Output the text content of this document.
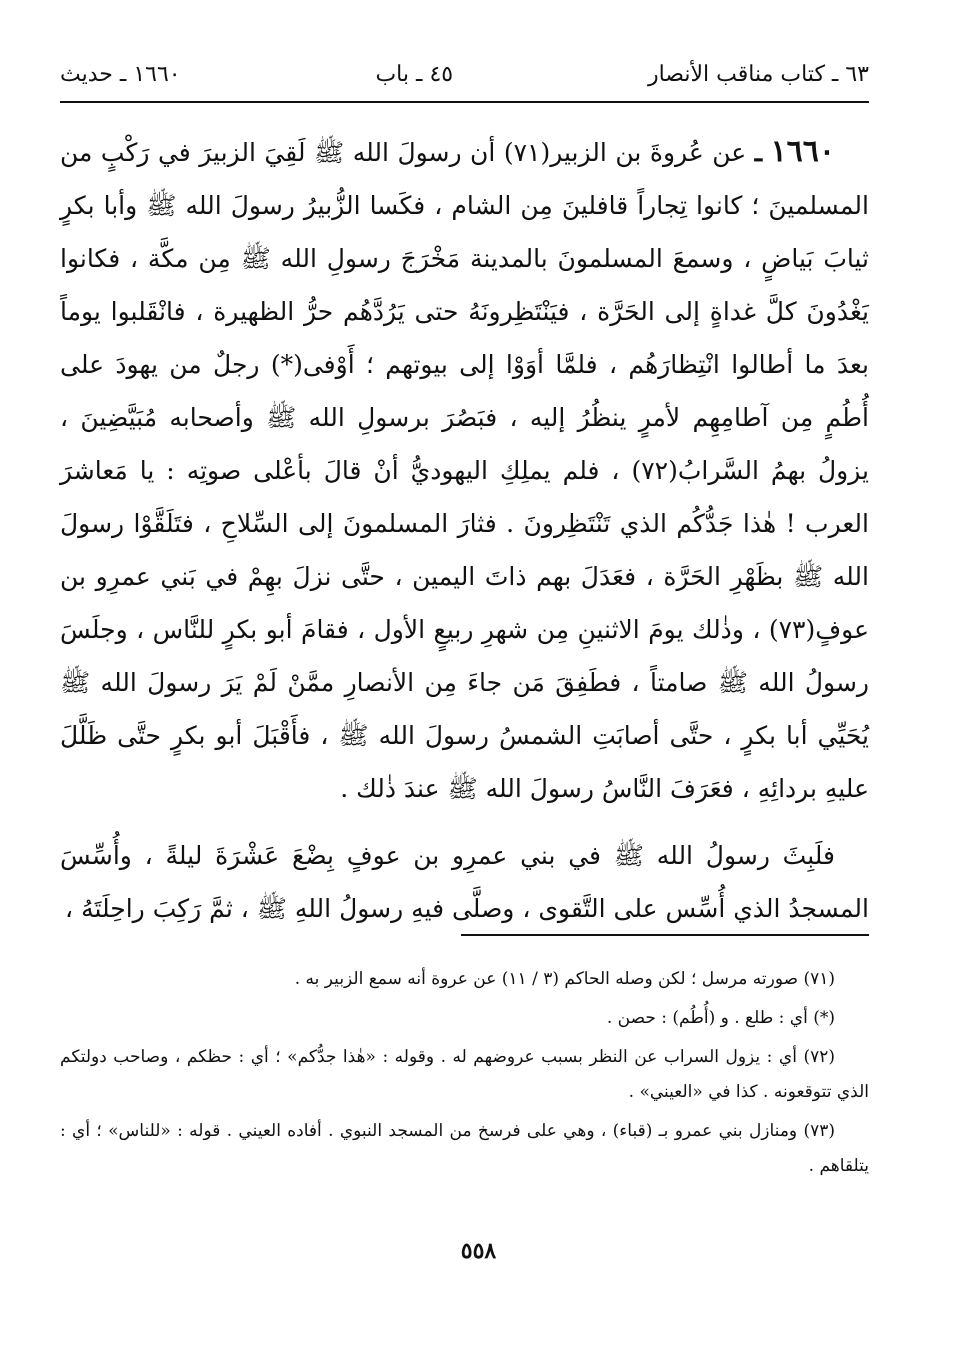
٦٣ ـ كتاب مناقب الأنصار
٤٥ ـ باب
١٦٦٠ ـ حديث

١٦٦٠ ـ عن عُروةَ بن الزبير(٧١) أن رسولَ الله ﷺ لَقِيَ الزبيرَ في رَكْبٍ من المسلمينَ ؛ كانوا تِجاراً قافلينَ مِن الشام ، فكَسا الزُّبيرُ رسولَ الله ﷺ وأبا بكرٍ ثيابَ بَياضٍ ، وسمعَ المسلمونَ بالمدينة مَخْرَجَ رسولِ الله ﷺ مِن مكَّة ، فكانوا يَغْدُونَ كلَّ غداةٍ إلى الحَرَّة ، فيَنْتَظِرونَهُ حتى يَرُدَّهُم حرُّ الظهيرة ، فانْقَلبوا يوماً بعدَ ما أطالوا انْتِظارَهُم ، فلمَّا أوَوْا إلى بيوتهم ؛ أَوْفى(*) رجلٌ من يهودَ على أُطُمٍ مِن آطامِهِم لأمرٍ ينظُرُ إليه ، فبَصُرَ برسولِ الله ﷺ وأصحابه مُبَيَّضِينَ ، يزولُ بهمُ السَّرابُ(٧٢) ، فلم يملِكِ اليهوديُّ أنْ قالَ بأعْلى صوتِه : يا مَعاشرَ العرب ! هٰذا جَدُّكُم الذي تَنْتَظِرونَ . فثارَ المسلمونَ إلى السِّلاحِ ، فتَلَقَّوْا رسولَ الله ﷺ بظَهْرِ الحَرَّة ، فعَدَلَ بهم ذاتَ اليمين ، حتَّى نزلَ بهِمْ في بَني عمرِو بن عوفٍ(٧٣) ، وذٰلك يومَ الاثنينِ مِن شهرِ ربيعٍ الأول ، فقامَ أبو بكرٍ للنَّاس ، وجلَسَ رسولُ الله ﷺ صامتاً ، فطَفِقَ مَن جاءَ مِن الأنصارِ ممَّنْ لَمْ يَرَ رسولَ الله ﷺ يُحَيِّي أبا بكرٍ ، حتَّى أصابَتِ الشمسُ رسولَ الله ﷺ ، فأَقْبَلَ أبو بكرٍ حتَّى ظَلَّلَ عليهِ بردائِهِ ، فعَرَفَ النَّاسُ رسولَ الله ﷺ عندَ ذٰلك .

فلَبِثَ رسولُ الله ﷺ في بني عمرِو بن عوفٍ بِضْعَ عَشْرَةَ ليلةً ، وأُسِّسَ المسجدُ الذي أُسِّس على التَّقوى ، وصلَّى فيهِ رسولُ اللهِ ﷺ ، ثمَّ رَكِبَ راحِلَتَهُ ،

(٧١) صورته مرسل ؛ لكن وصله الحاكم (٣ / ١١) عن عروة أنه سمع الزبير به .

(*) أي : طلع . و (أُطُم) : حصن .

(٧٢) أي : يزول السراب عن النظر بسبب عروضهم له . وقوله : «هٰذا جدُّكم» ؛ أي : حظكم ، وصاحب دولتكم الذي تتوقعونه . كذا في «العيني» .

(٧٣) ومنازل بني عمرو بـ (قباء) ، وهي على فرسخ من المسجد النبوي . أفاده العيني . قوله : «للناس» ؛ أي : يتلقاهم .

٥٥٨
